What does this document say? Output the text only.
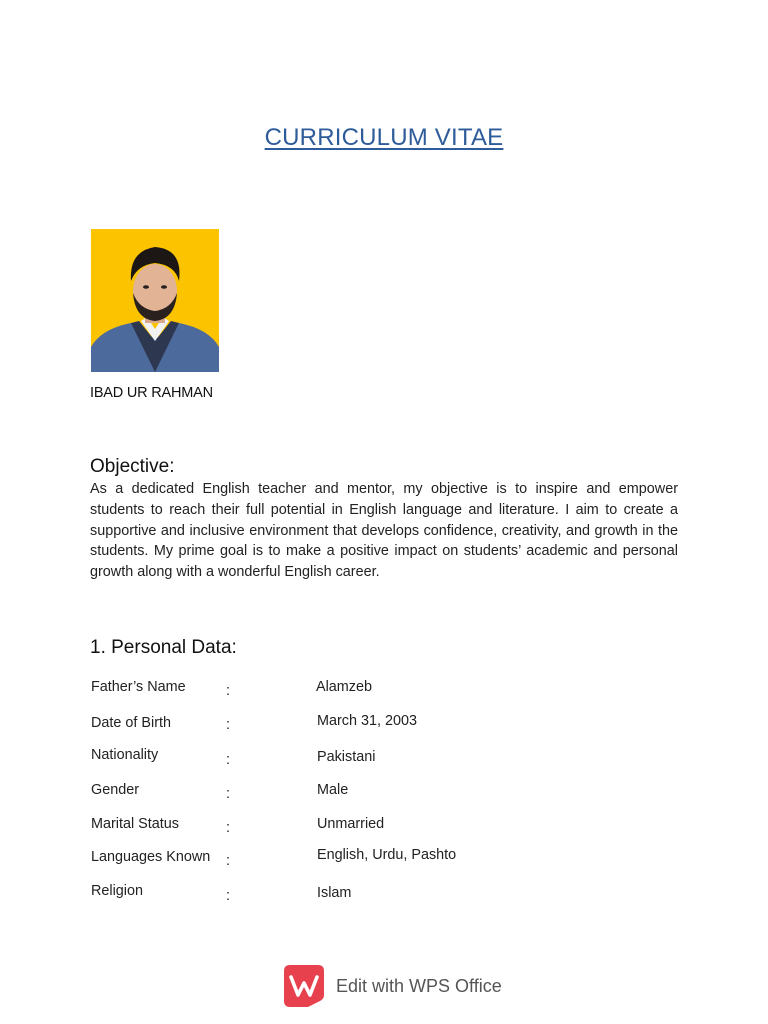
CURRICULUM VITAE
IBAD UR RAHMAN
Objective:
As a dedicated English teacher and mentor, my objective is to inspire and empower students to reach their full potential in English language and literature. I aim to create a supportive and inclusive environment that develops confidence, creativity, and growth in the students. My prime goal is to make a positive impact on students’ academic and personal growth along with a wonderful English career.
1. Personal Data:
Father’s Name	:	Alamzeb
Date of Birth	:	March 31, 2003
Nationality	:	Pakistani
Gender	:	Male
Marital Status	:	Unmarried
Languages Known :	English, Urdu, Pashto
Religion	:	Islam
Edit with WPS Office
